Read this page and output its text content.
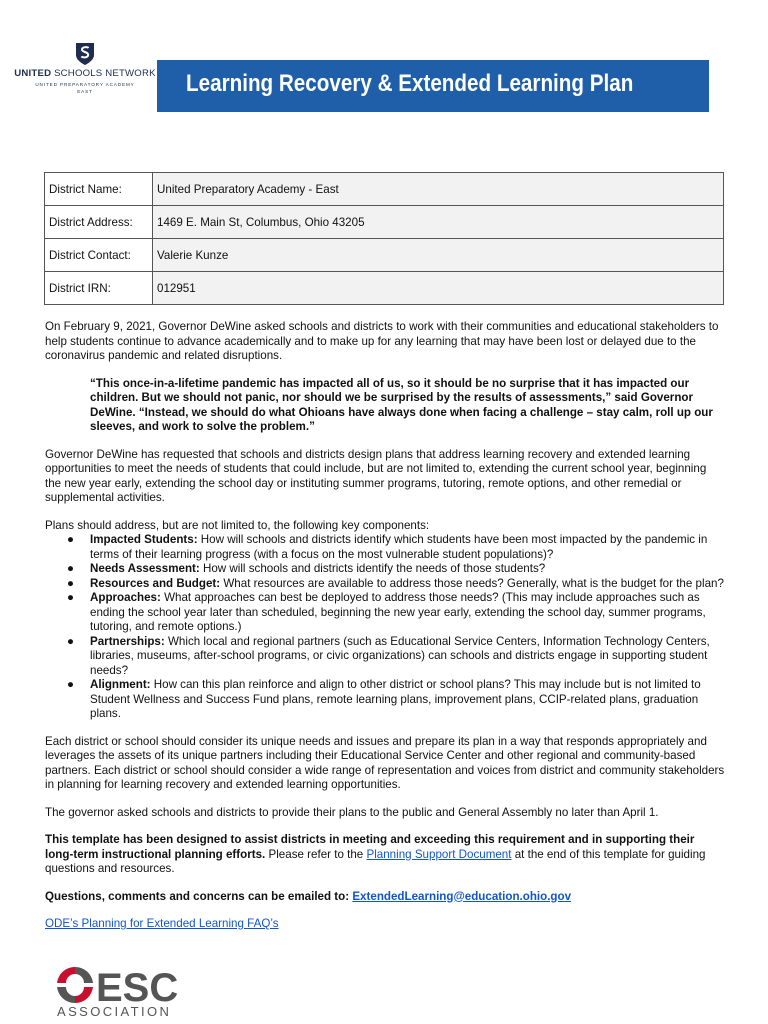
UNITED SCHOOLS NETWORK
UNITED PREPARATORY ACADEMY
EAST	Learning Recovery & Extended Learning Plan
District Name:	United Preparatory Academy - East
District Address:	1469 E. Main St, Columbus, Ohio 43205
District Contact:	Valerie Kunze
District IRN:	012951

On February 9, 2021, Governor DeWine asked schools and districts to work with their communities and educational stakeholders to help students continue to advance academically and to make up for any learning that may have been lost or delayed due to the coronavirus pandemic and related disruptions.

“This once-in-a-lifetime pandemic has impacted all of us, so it should be no surprise that it has impacted our children. But we should not panic, nor should we be surprised by the results of assessments,” said Governor DeWine. “Instead, we should do what Ohioans have always done when facing a challenge – stay calm, roll up our sleeves, and work to solve the problem.”

Governor DeWine has requested that schools and districts design plans that address learning recovery and extended learning opportunities to meet the needs of students that could include, but are not limited to, extending the current school year, beginning the new year early, extending the school day or instituting summer programs, tutoring, remote options, and other remedial or supplemental activities.

Plans should address, but are not limited to, the following key components:

● Impacted Students: How will schools and districts identify which students have been most impacted by the pandemic in terms of their learning progress (with a focus on the most vulnerable student populations)?
● Needs Assessment: How will schools and districts identify the needs of those students?
● Resources and Budget: What resources are available to address those needs? Generally, what is the budget for the plan?
● Approaches: What approaches can best be deployed to address those needs? (This may include approaches such as ending the school year later than scheduled, beginning the new year early, extending the school day, summer programs, tutoring, and remote options.)
● Partnerships: Which local and regional partners (such as Educational Service Centers, Information Technology Centers, libraries, museums, after-school programs, or civic organizations) can schools and districts engage in supporting student needs?
● Alignment: How can this plan reinforce and align to other district or school plans? This may include but is not limited to Student Wellness and Success Fund plans, remote learning plans, improvement plans, CCIP-related plans, graduation plans.

Each district or school should consider its unique needs and issues and prepare its plan in a way that responds appropriately and leverages the assets of its unique partners including their Educational Service Center and other regional and community-based partners. Each district or school should consider a wide range of representation and voices from district and community stakeholders in planning for learning recovery and extended learning opportunities.

The governor asked schools and districts to provide their plans to the public and General Assembly no later than April 1.

This template has been designed to assist districts in meeting and exceeding this requirement and in supporting their long-term instructional planning efforts. Please refer to the Planning Support Document at the end of this template for guiding questions and resources.

Questions, comments and concerns can be emailed to: ExtendedLearning@education.ohio.gov

ODE’s Planning for Extended Learning FAQ’s

ESC
ASSOCIATION
